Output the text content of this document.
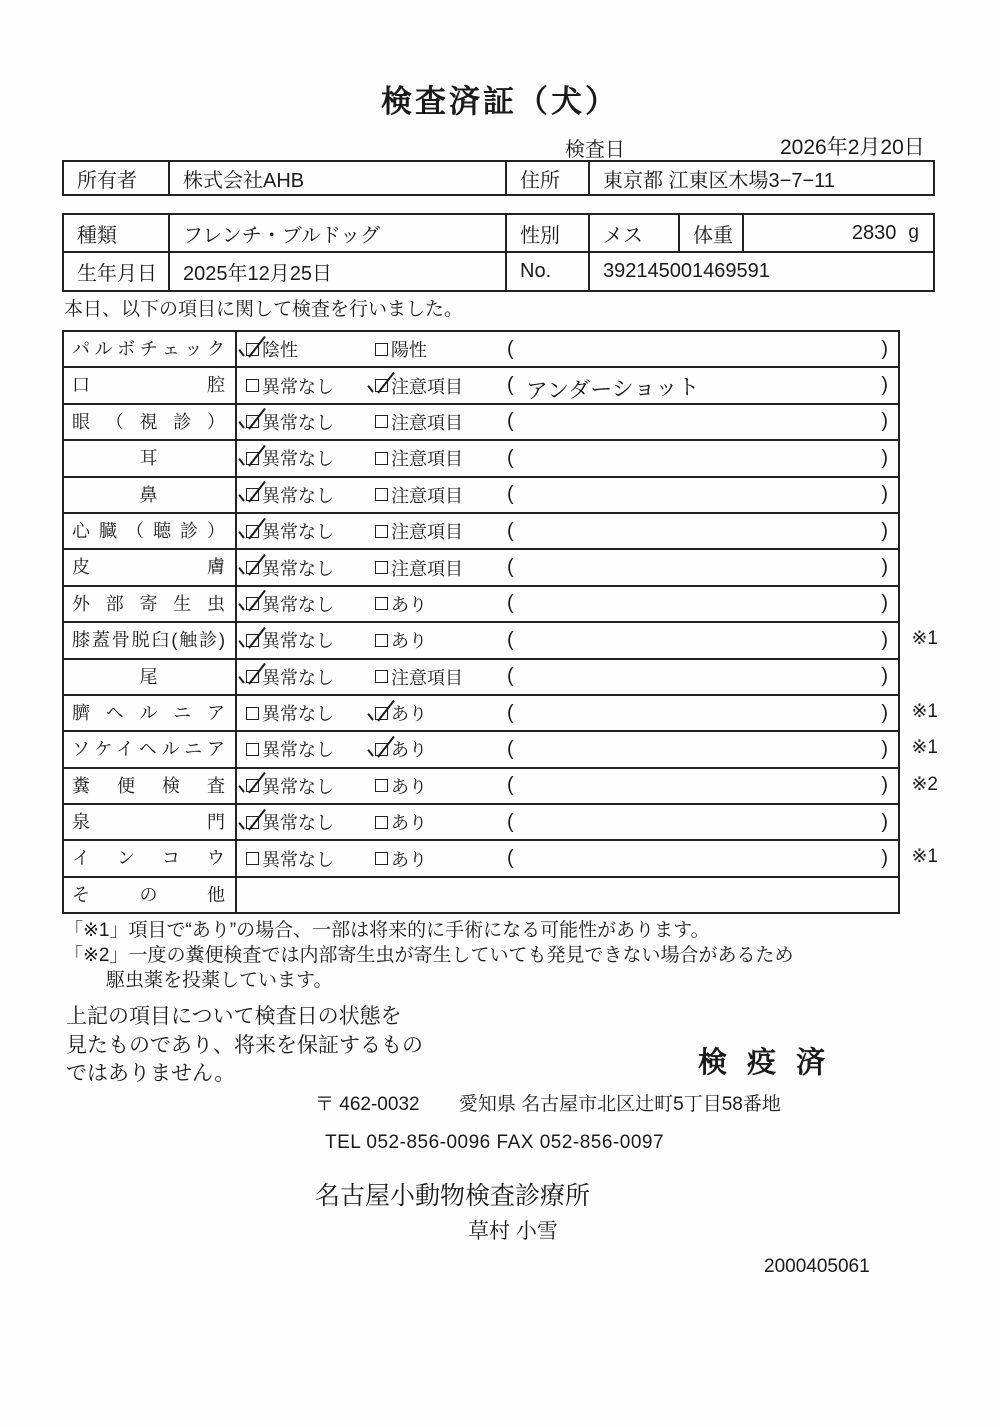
検査済証（犬）
検査日	2026年2月20日
所有者	株式会社AHB	住所	東京都 江東区木場3−7−11
種類	フレンチ・ブルドッグ	性別	メス	体重	2830 g
生年月日	2025年12月25日	No.	392145001469591

本日、以下の項目に関して検査を行いました。

パルボチェック	陰性	陽性	(	)
口腔	異常なし	注意項目 ( アンダーショット	)
眼（視診）	異常なし	注意項目 (	)
耳	異常なし	注意項目 (	)
鼻	異常なし	注意項目 (	)
心臓（聴診）	異常なし	注意項目 (	)
皮膚	異常なし	注意項目 (	)
外部寄生虫	異常なし	あり	(	)
膝蓋骨脱臼(触診)	異常なし	あり	(	) ※1
尾	異常なし	注意項目 (	)
臍ヘルニア	異常なし	あり	(	) ※1
ソケイヘルニア	異常なし	あり	(	) ※1
糞便検査	異常なし	あり	(	) ※2
泉門	異常なし	あり	(	)
インコウ	異常なし	あり	(	) ※1
その他
「※1」項目で“あり”の場合、一部は将来的に手術になる可能性があります。
「※2」一度の糞便検査では内部寄生虫が寄生していても発見できない場合があるため
駆虫薬を投薬しています。
上記の項目について検査日の状態を
見たものであり、将来を保証するもの
ではありません。	検 疫 済
〒 462-0032 愛知県 名古屋市北区辻町5丁目58番地
TEL 052-856-0096 FAX 052-856-0097
名古屋小動物検査診療所
草村 小雪
2000405061
